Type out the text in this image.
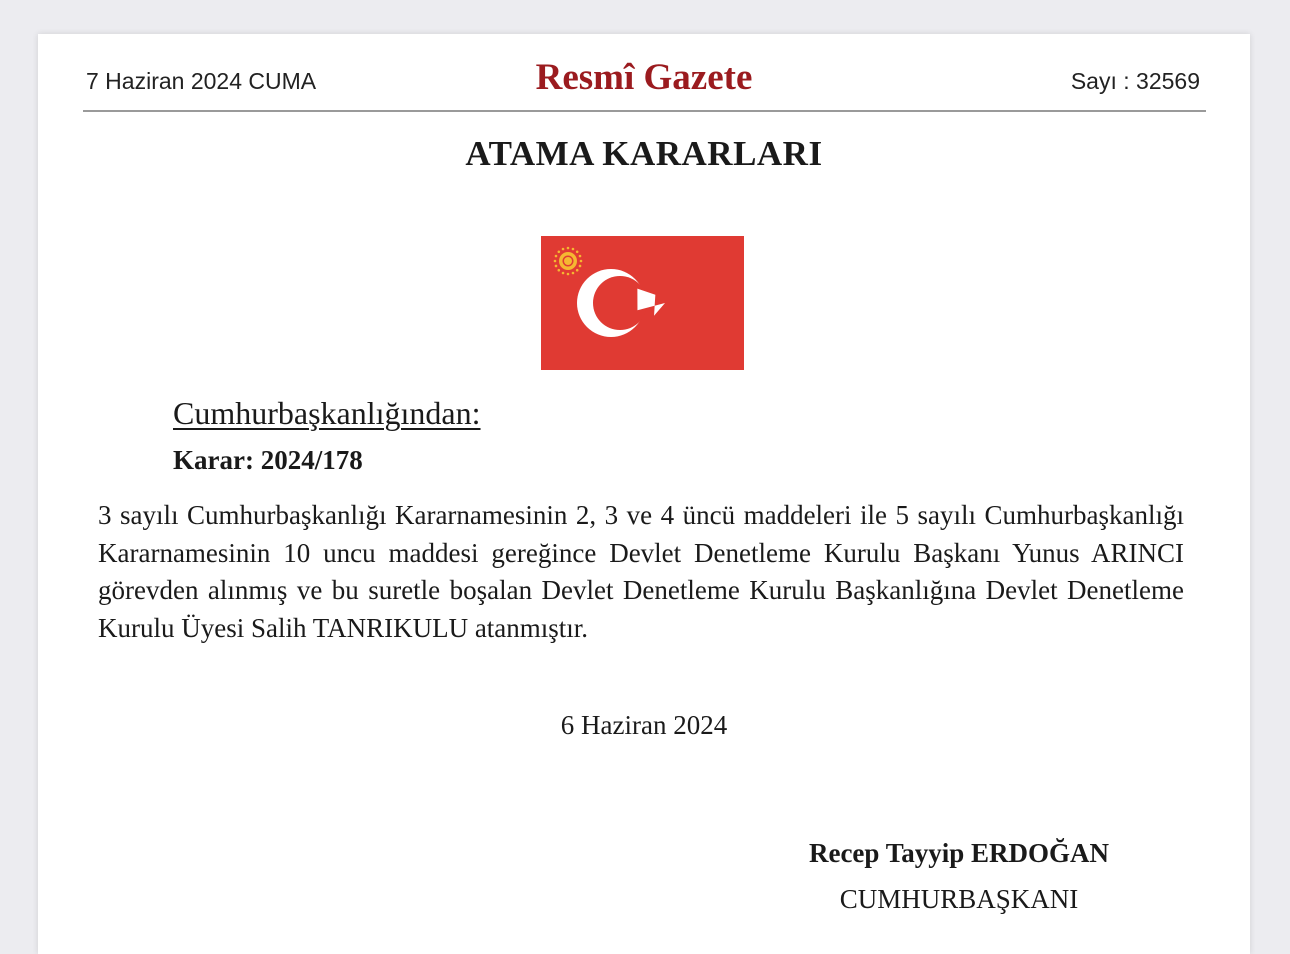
7 Haziran 2024 CUMA	Resmî Gazete	Sayı : 32569
ATAMA KARARLARI
Cumhurbaşkanlığından:
Karar: 2024/178

3 sayılı Cumhurbaşkanlığı Kararnamesinin 2, 3 ve 4 üncü maddeleri ile 5 sayılı Cumhurbaşkanlığı Kararnamesinin 10 uncu maddesi gereğince Devlet Denetleme Kurulu Başkanı Yunus ARINCI görevden alınmış ve bu suretle boşalan Devlet Denetleme Kurulu Başkanlığına Devlet Denetleme Kurulu Üyesi Salih TANRIKULU atanmıştır.

6 Haziran 2024
Recep Tayyip ERDOĞAN
CUMHURBAŞKANI
